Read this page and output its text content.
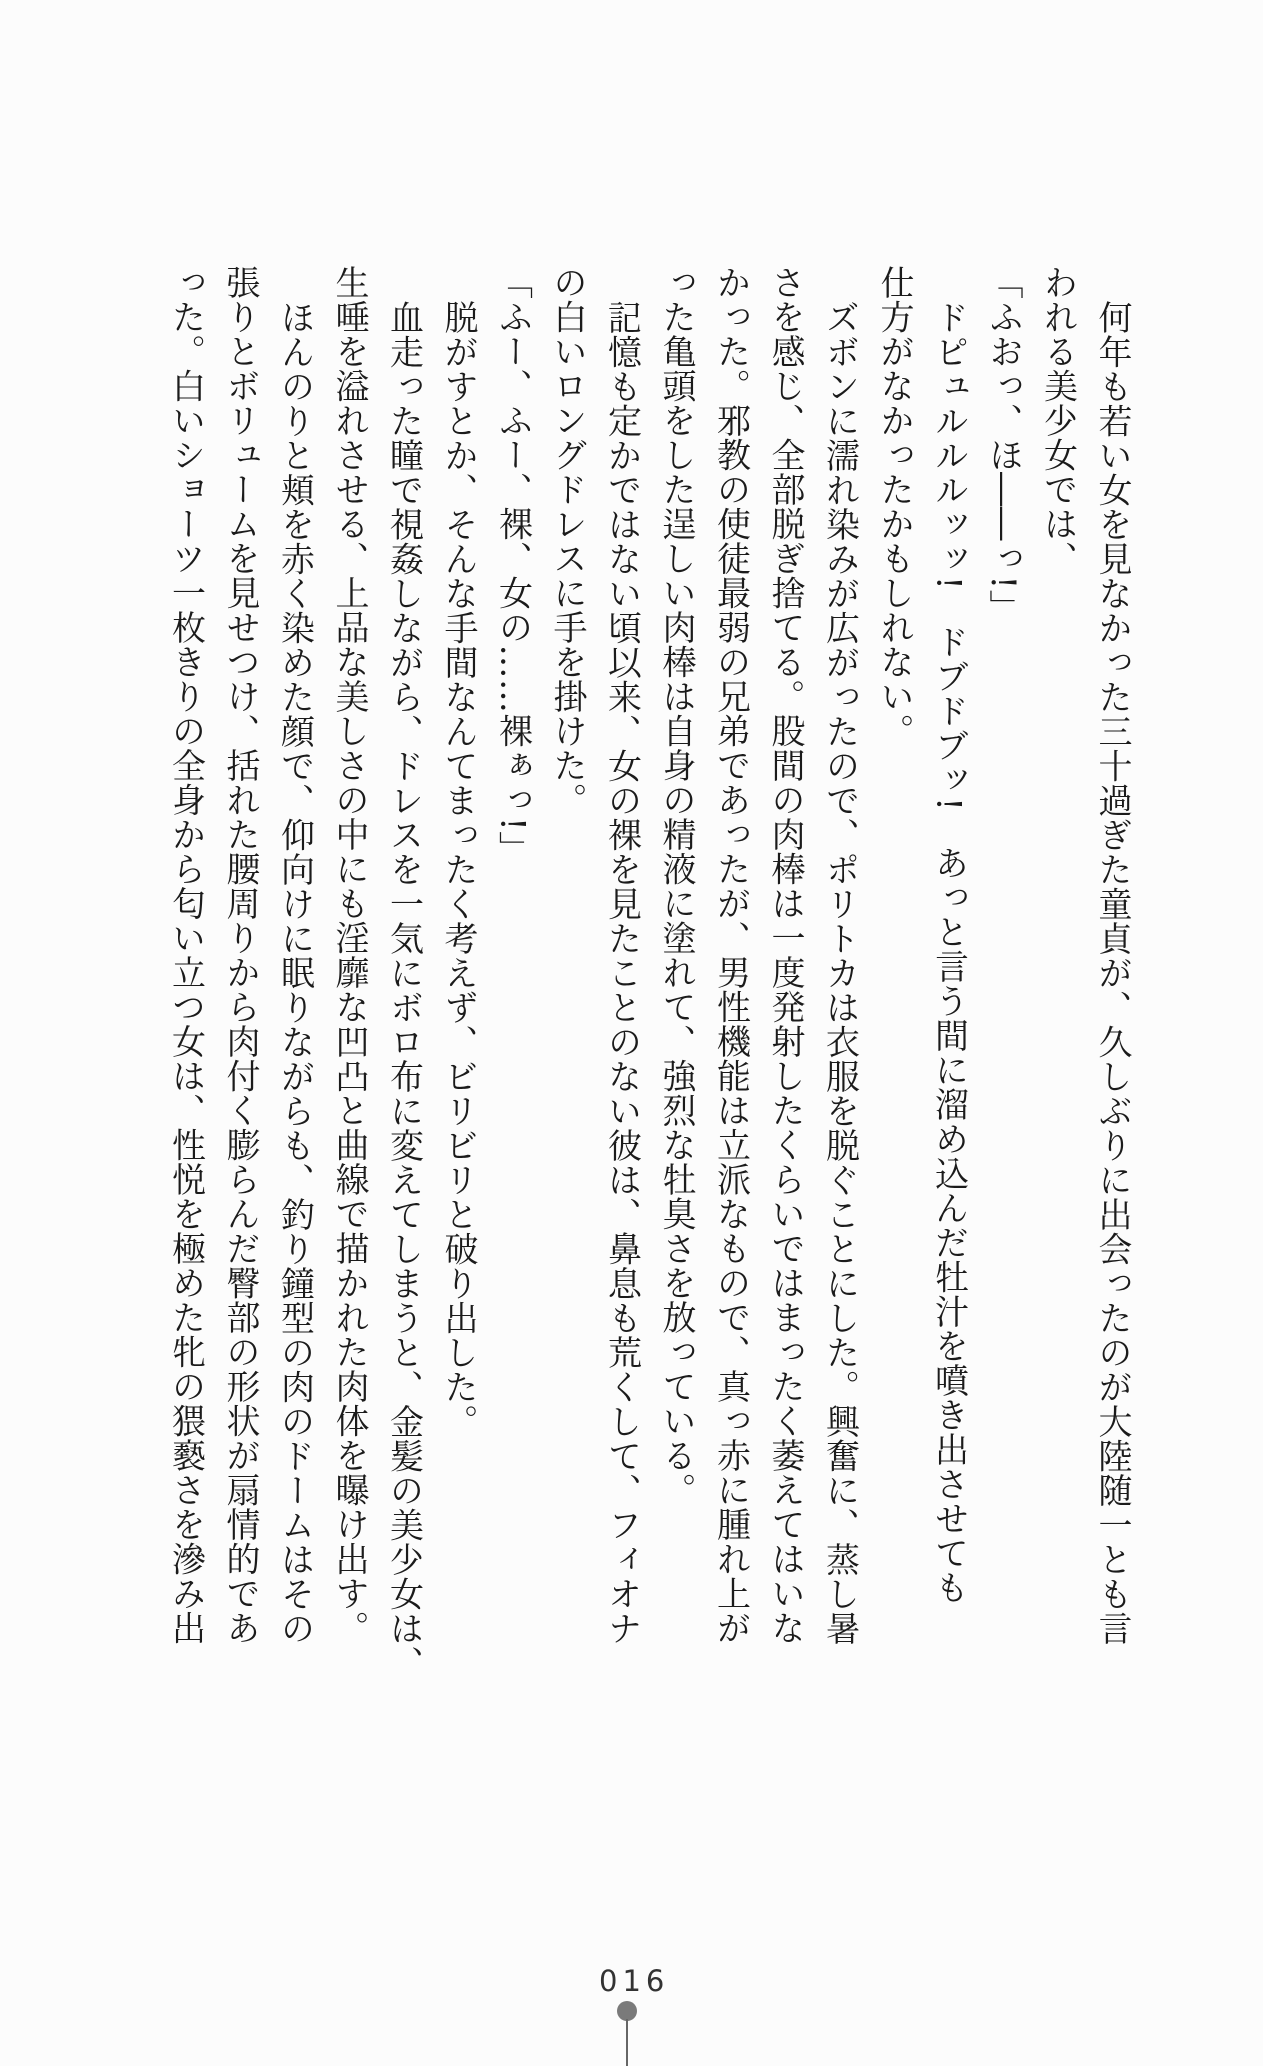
何年も若い女を見なかった三十過ぎた童貞が、久しぶりに出会ったのが大陸随一とも言

われる美少女では、

「ふおっ、ほ――っ!」

ドピュルルルッッ!　ドブドブッ!　あっと言う間に溜め込んだ牡汁を噴き出させても

仕方がなかったかもしれない。

ズボンに濡れ染みが広がったので、ポリトカは衣服を脱ぐことにした。興奮に、蒸し暑

さを感じ、全部脱ぎ捨てる。股間の肉棒は一度発射したくらいではまったく萎えてはいな

かった。邪教の使徒最弱の兄弟であったが、男性機能は立派なもので、真っ赤に腫れ上が

った亀頭をした逞しい肉棒は自身の精液に塗れて、強烈な牡臭さを放っている。

記憶も定かではない頃以来、女の裸を見たことのない彼は、鼻息も荒くして、フィオナ

の白いロングドレスに手を掛けた。

「ふー、ふー、裸、女の……裸ぁっ!」

脱がすとか、そんな手間なんてまったく考えず、ビリビリと破り出した。

血走った瞳で視姦しながら、ドレスを一気にボロ布に変えてしまうと、金髪の美少女は、

生唾を溢れさせる、上品な美しさの中にも淫靡な凹凸と曲線で描かれた肉体を曝け出す。

ほんのりと頬を赤く染めた顔で、仰向けに眠りながらも、釣り鐘型の肉のドームはその

張りとボリュームを見せつけ、括れた腰周りから肉付く膨らんだ臀部の形状が扇情的であ

った。白いショーツ一枚きりの全身から匂い立つ女は、性悦を極めた牝の猥褻さを滲み出

016
